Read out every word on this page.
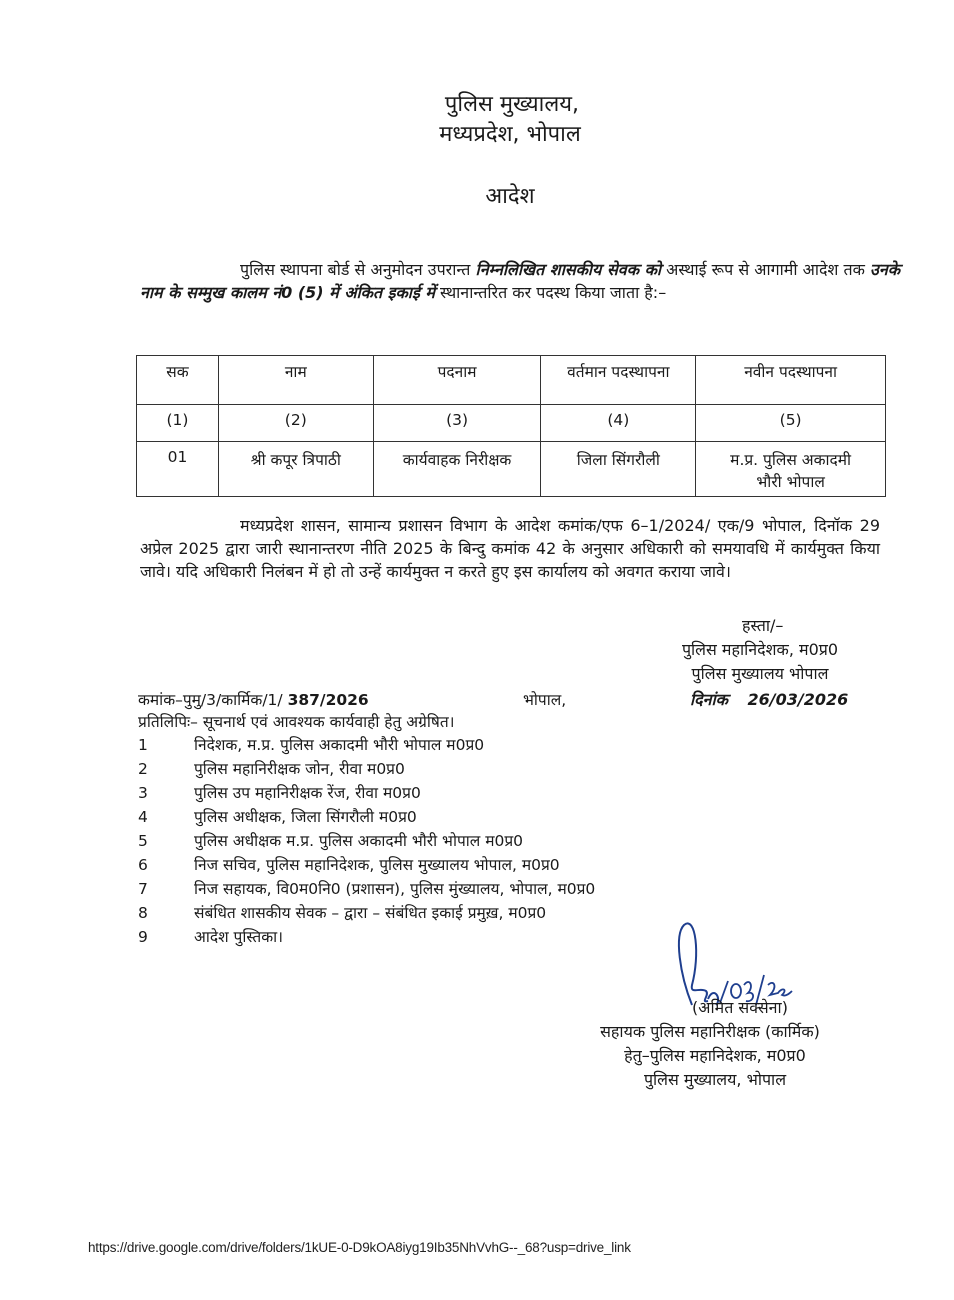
पुलिस मुख्यालय,
मध्यप्रदेश, भोपाल
आदेश
पुलिस स्थापना बोर्ड से अनुमोदन उपरान्त निम्नलिखित शासकीय सेवक को अस्थाई रूप से आगामी आदेश तक उनके नाम के सम्मुख कालम नं0 (5) में अंकित इकाई में स्थानान्तरित कर पदस्थ किया जाता है:–
सक	नाम	पदनाम	वर्तमान पदस्थापना	नवीन पदस्थापना
(1)	(2)	(3)	(4)	(5)
01	श्री कपूर त्रिपाठी	कार्यवाहक निरीक्षक	जिला सिंगरौली	म.प्र. पुलिस अकादमी
भौरी भोपाल
मध्यप्रदेश शासन, सामान्य प्रशासन विभाग के आदेश कमांक/एफ 6–1/2024/ एक/9 भोपाल, दिनॉक 29 अप्रेल 2025 द्वारा जारी स्थानान्तरण नीति 2025 के बिन्दु कमांक 42 के अनुसार अधिकारी को समयावधि में कार्यमुक्त किया जावे। यदि अधिकारी निलंबन में हो तो उन्हें कार्यमुक्त न करते हुए इस कार्यालय को अवगत कराया जावे।
हस्ता/–
पुलिस महानिदेशक, म0प्र0
पुलिस मुख्यालय भोपाल
दिनांक 26/03/2026
कमांक–पुमु/3/कार्मिक/1/ 387/2026	भोपाल,
प्रतिलिपिः– सूचनार्थ एवं आवश्यक कार्यवाही हेतु अग्रेषित।
1	निदेशक, म.प्र. पुलिस अकादमी भौरी भोपाल म0प्र0
2	पुलिस महानिरीक्षक जोन, रीवा म0प्र0
3	पुलिस उप महानिरीक्षक रेंज, रीवा म0प्र0
4	पुलिस अधीक्षक, जिला सिंगरौली म0प्र0
5	पुलिस अधीक्षक म.प्र. पुलिस अकादमी भौरी भोपाल म0प्र0
6	निज सचिव, पुलिस महानिदेशक, पुलिस मुख्यालय भोपाल, म0प्र0
7	निज सहायक, वि0म0नि0 (प्रशासन), पुलिस मुंख्यालय, भोपाल, म0प्र0
8	संबंधित शासकीय सेवक – द्वारा – संबंधित इकाई प्रमुख़, म0प्र0
9	आदेश पुस्तिका।
(अमित सक्सेना)
सहायक पुलिस महानिरीक्षक (कार्मिक)
हेतु–पुलिस महानिदेशक, म0प्र0
पुलिस मुख्यालय, भोपाल
https://drive.google.com/drive/folders/1kUE-0-D9kOA8iyg19Ib35NhVvhG--_68?usp=drive_link
